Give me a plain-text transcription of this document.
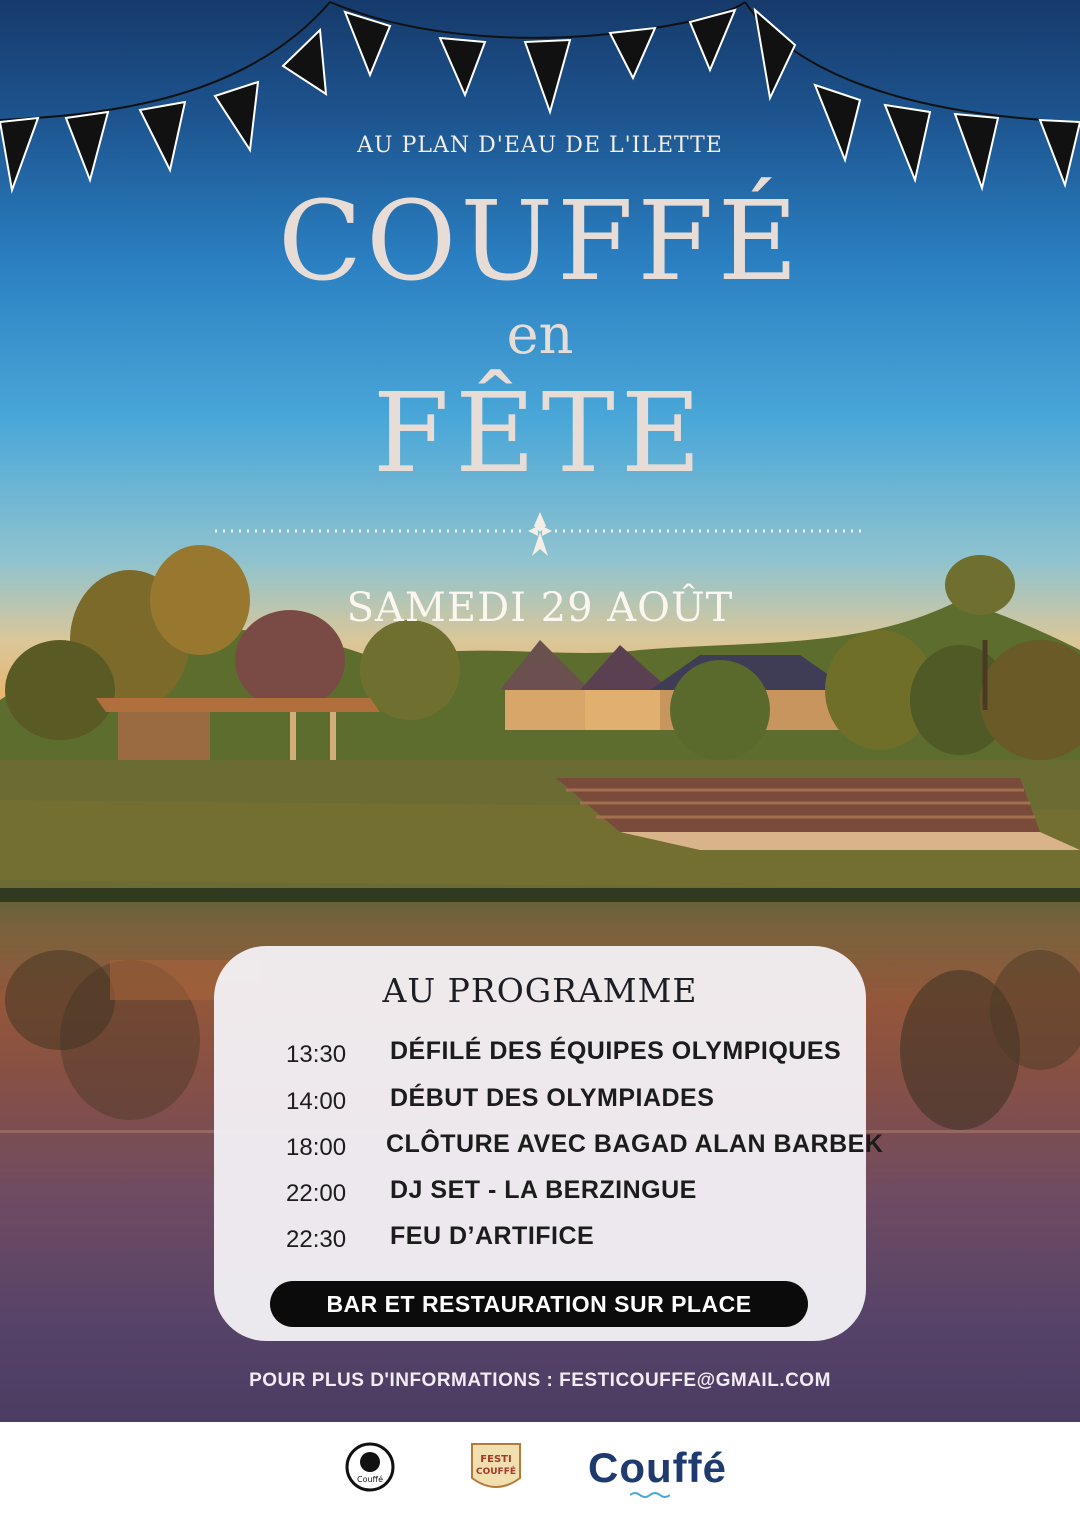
AU PLAN D'EAU DE L'ILETTE
COUFFÉ
en
FÊTE
SAMEDI 29 AOÛT
AU PROGRAMME
13:30 DÉFILÉ DES ÉQUIPES OLYMPIQUES
14:00 DÉBUT DES OLYMPIADES
18:00 CLÔTURE AVEC BAGAD ALAN BARBEK
22:00 DJ SET - LA BERZINGUE
22:30 FEU D’ARTIFICE
BAR ET RESTAURATION SUR PLACE
POUR PLUS D'INFORMATIONS : FESTICOUFFE@GMAIL.COM
Couffé
FESTI
COUFFÉ Couffé
